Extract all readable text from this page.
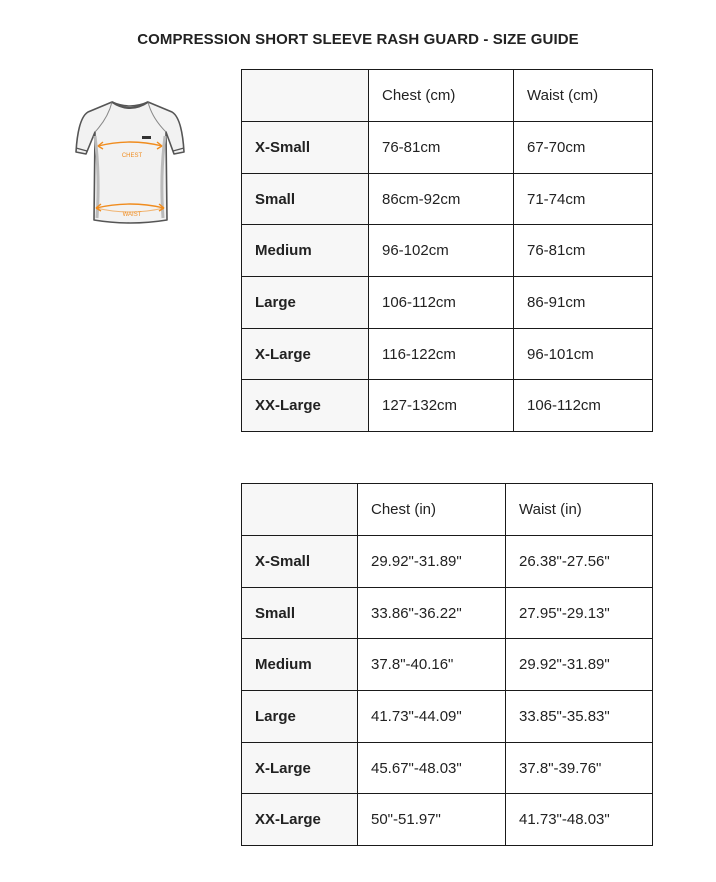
COMPRESSION SHORT SLEEVE RASH GUARD - SIZE GUIDE
CHEST
WAIST
	Chest (cm)	Waist (cm)
X-Small	76-81cm	67-70cm
Small	86cm-92cm	71-74cm
Medium	96-102cm	76-81cm
Large	106-112cm	86-91cm
X-Large	116-122cm	96-101cm
XX-Large	127-132cm	106-112cm
	Chest (in)	Waist (in)
X-Small	29.92"-31.89"	26.38"-27.56"
Small	33.86"-36.22"	27.95"-29.13"
Medium	37.8"-40.16"	29.92"-31.89"
Large	41.73"-44.09"	33.85"-35.83"
X-Large	45.67"-48.03"	37.8"-39.76"
XX-Large	50"-51.97"	41.73"-48.03"
